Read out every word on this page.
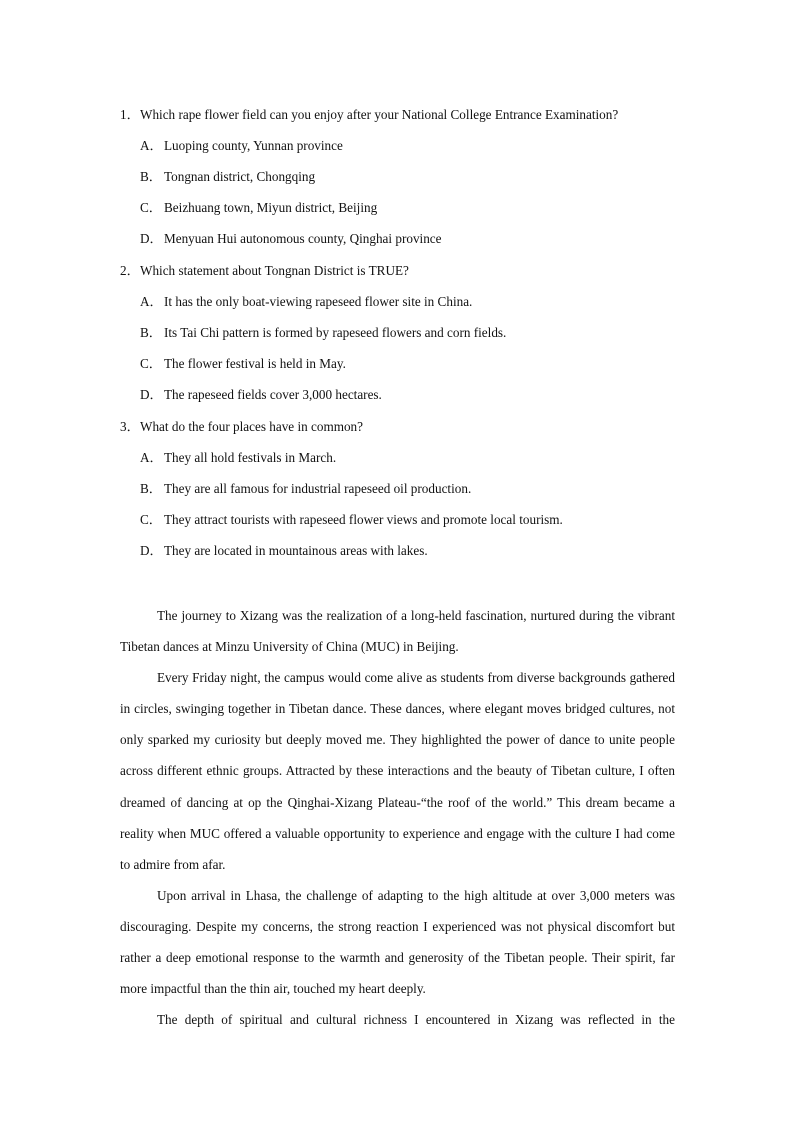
1．Which rape flower field can you enjoy after your National College Entrance Examination?
A．Luoping county, Yunnan province
B． Tongnan district, Chongqing
C． Beizhuang town, Miyun district, Beijing
D．Menyuan Hui autonomous county, Qinghai province
2．Which statement about Tongnan District is TRUE?
A．It has the only boat-viewing rapeseed flower site in China.
B． Its Tai Chi pattern is formed by rapeseed flowers and corn fields.
C． The flower festival is held in May.
D．The rapeseed fields cover 3,000 hectares.
3．What do the four places have in common?
A．They all hold festivals in March.
B． They are all famous for industrial rapeseed oil production.
C． They attract tourists with rapeseed flower views and promote local tourism.
D．They are located in mountainous areas with lakes.

The journey to Xizang was the realization of a long-held fascination, nurtured during the vibrant Tibetan dances at Minzu University of China (MUC) in Beijing.

Every Friday night, the campus would come alive as students from diverse backgrounds gathered in circles, swinging together in Tibetan dance. These dances, where elegant moves bridged cultures, not only sparked my curiosity but deeply moved me. They highlighted the power of dance to unite people across different ethnic groups. Attracted by these interactions and the beauty of Tibetan culture, I often dreamed of dancing at op the Qinghai-Xizang Plateau-“the roof of the world.” This dream became a reality when MUC offered a valuable opportunity to experience and engage with the culture I had come to admire from afar.

Upon arrival in Lhasa, the challenge of adapting to the high altitude at over 3,000 meters was discouraging. Despite my concerns, the strong reaction I experienced was not physical discomfort but rather a deep emotional response to the warmth and generosity of the Tibetan people. Their spirit, far more impactful than the thin air, touched my heart deeply.

The depth of spiritual and cultural richness I encountered in Xizang was reflected in the
